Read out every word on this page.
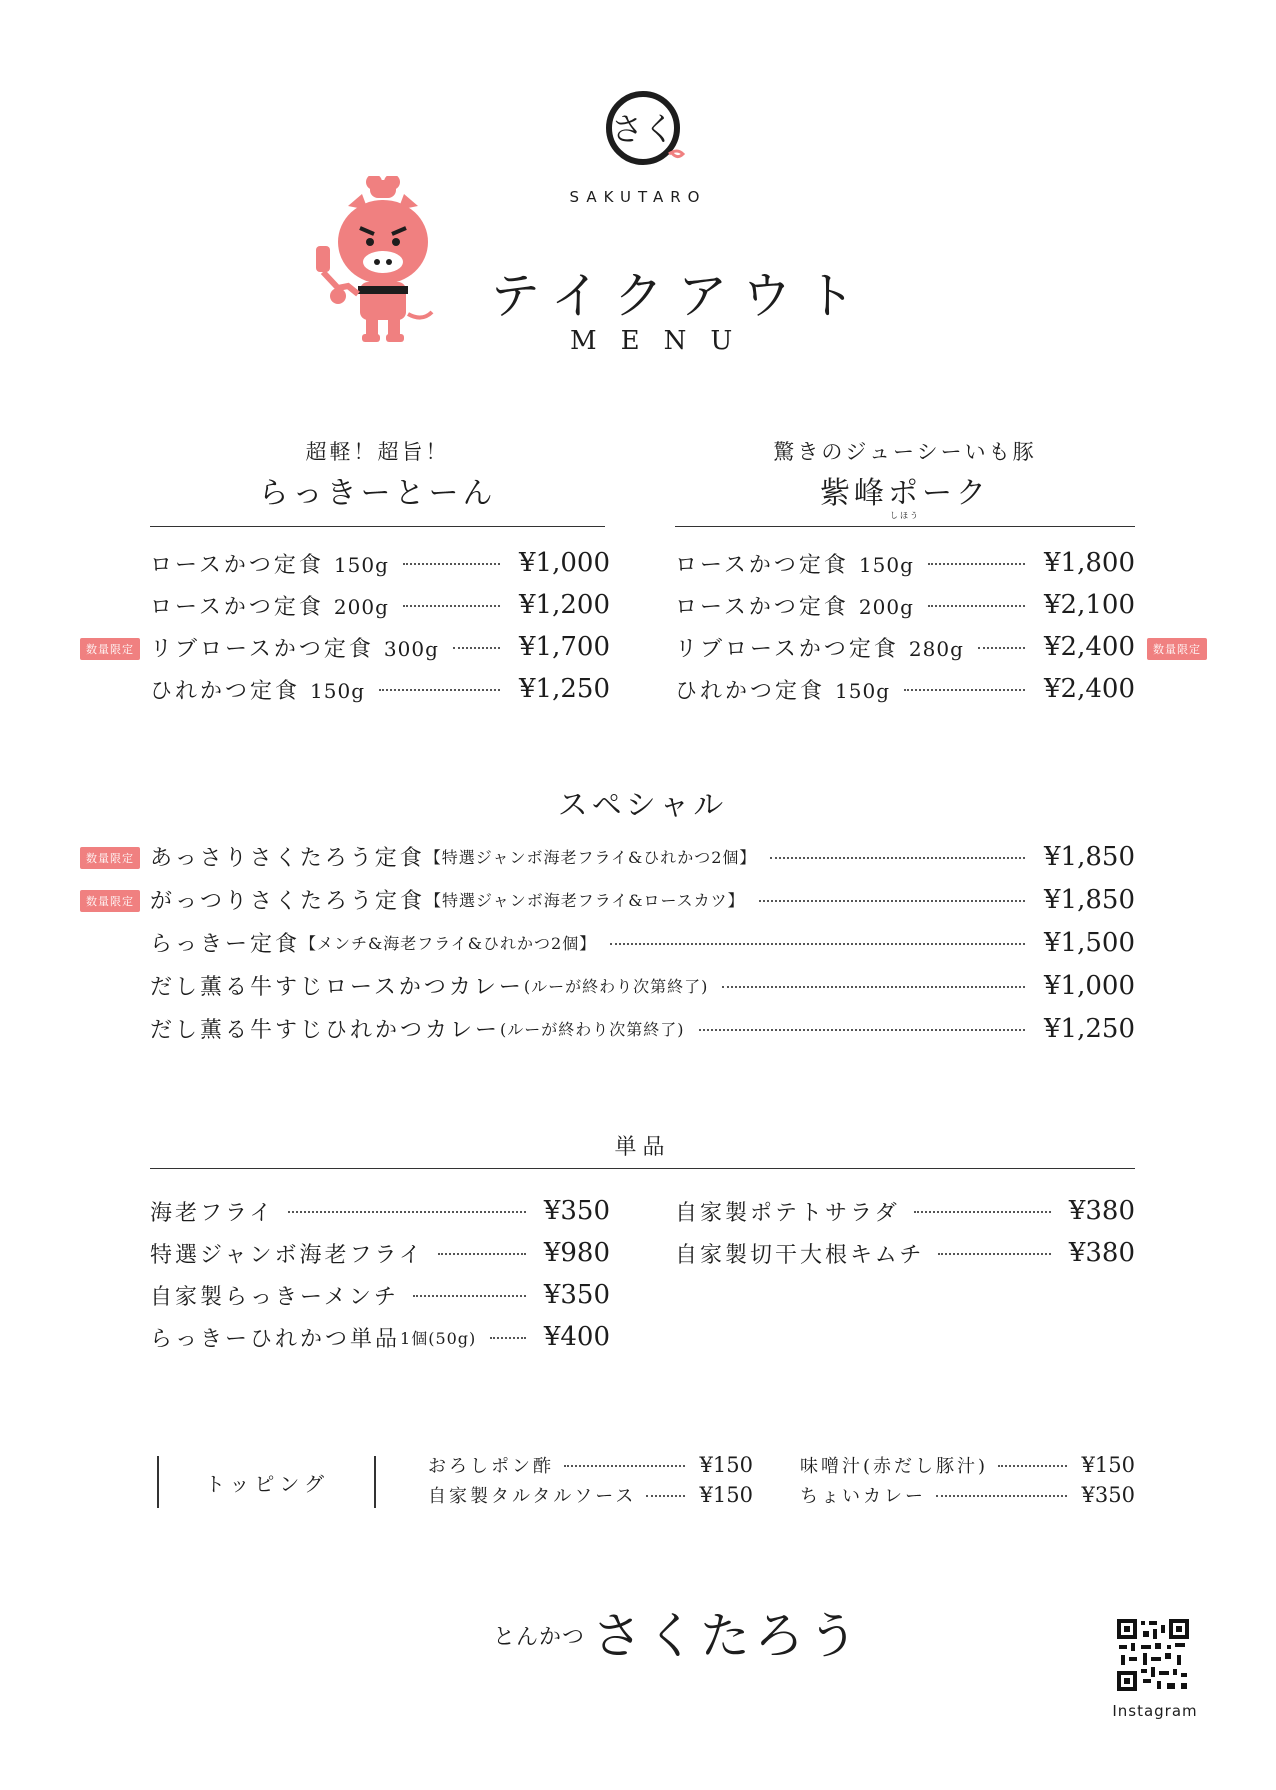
さく
SAKUTARO
テイクアウト
MENU
超軽！超旨！
らっきーとーん
驚きのジューシーいも豚
紫峰ポーク
しほう
ロースかつ定食 150g	¥1,000
ロースかつ定食 200g	¥1,200
数量限定 リブロースかつ定食 300g	¥1,700
ひれかつ定食 150g	¥1,250
ロースかつ定食 150g	¥1,800
ロースかつ定食 200g	¥2,100
リブロースかつ定食 280g	¥2,400	数量限定
ひれかつ定食 150g	¥2,400
スペシャル
数量限定 あっさりさくたろう定食 【特選ジャンボ海老フライ&ひれかつ2個】	¥1,850
数量限定 がっつりさくたろう定食 【特選ジャンボ海老フライ&ロースカツ】	¥1,850
らっきー定食 【メンチ&海老フライ&ひれかつ2個】	¥1,500
だし薫る牛すじロースかつカレー (ルーが終わり次第終了)	¥1,000
だし薫る牛すじひれかつカレー (ルーが終わり次第終了)	¥1,250
単品
海老フライ	¥350
特選ジャンボ海老フライ	¥980
自家製らっきーメンチ	¥350
らっきーひれかつ単品 1個(50g)	¥400
自家製ポテトサラダ	¥380
自家製切干大根キムチ	¥380
トッピング
おろしポン酢	¥150
自家製タルタルソース	¥150
味噌汁(赤だし豚汁)	¥150
ちょいカレー	¥350
とんかつ さくたろう
Instagram
